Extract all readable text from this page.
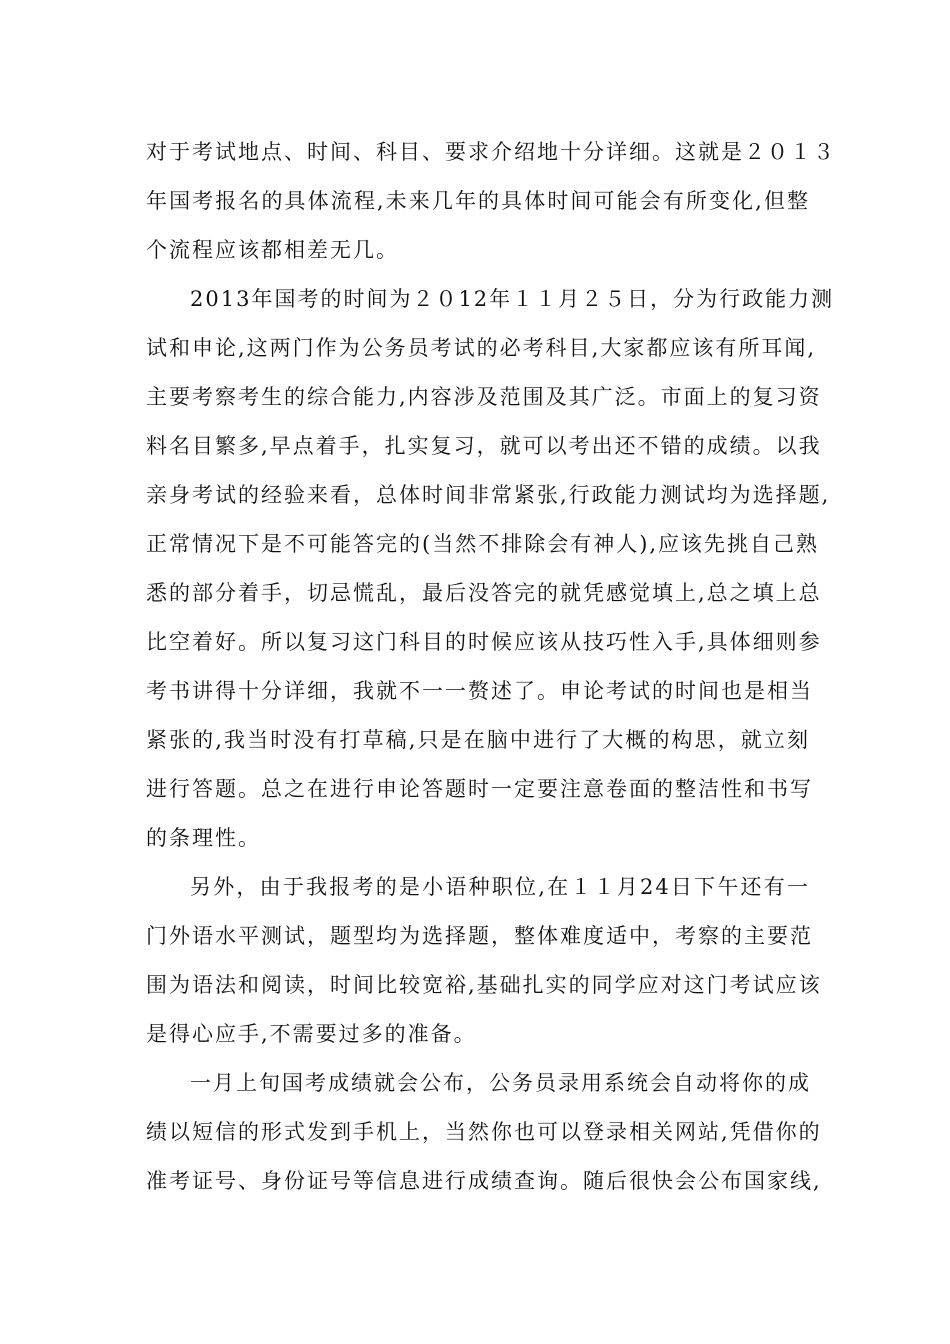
对于考试地点、时间、科目、要求介绍地十分详细。这就是２０１３
年国考报名的具体流程,未来几年的具体时间可能会有所变化,但整
个流程应该都相差无几。
2013年国考的时间为２０12年１１月２５日，分为行政能力测
试和申论,这两门作为公务员考试的必考科目,大家都应该有所耳闻,
主要考察考生的综合能力,内容涉及范围及其广泛。市面上的复习资
料名目繁多,早点着手，扎实复习，就可以考出还不错的成绩。以我
亲身考试的经验来看，总体时间非常紧张,行政能力测试均为选择题,
正常情况下是不可能答完的(当然不排除会有神人),应该先挑自己熟
悉的部分着手，切忌慌乱，最后没答完的就凭感觉填上,总之填上总
比空着好。所以复习这门科目的时候应该从技巧性入手,具体细则参
考书讲得十分详细，我就不一一赘述了。申论考试的时间也是相当
紧张的,我当时没有打草稿,只是在脑中进行了大概的构思，就立刻
进行答题。总之在进行申论答题时一定要注意卷面的整洁性和书写
的条理性。
另外，由于我报考的是小语种职位,在１１月24日下午还有一
门外语水平测试，题型均为选择题，整体难度适中，考察的主要范
围为语法和阅读，时间比较宽裕,基础扎实的同学应对这门考试应该
是得心应手,不需要过多的准备。
一月上旬国考成绩就会公布，公务员录用系统会自动将你的成
绩以短信的形式发到手机上，当然你也可以登录相关网站,凭借你的
准考证号、身份证号等信息进行成绩查询。随后很快会公布国家线,
